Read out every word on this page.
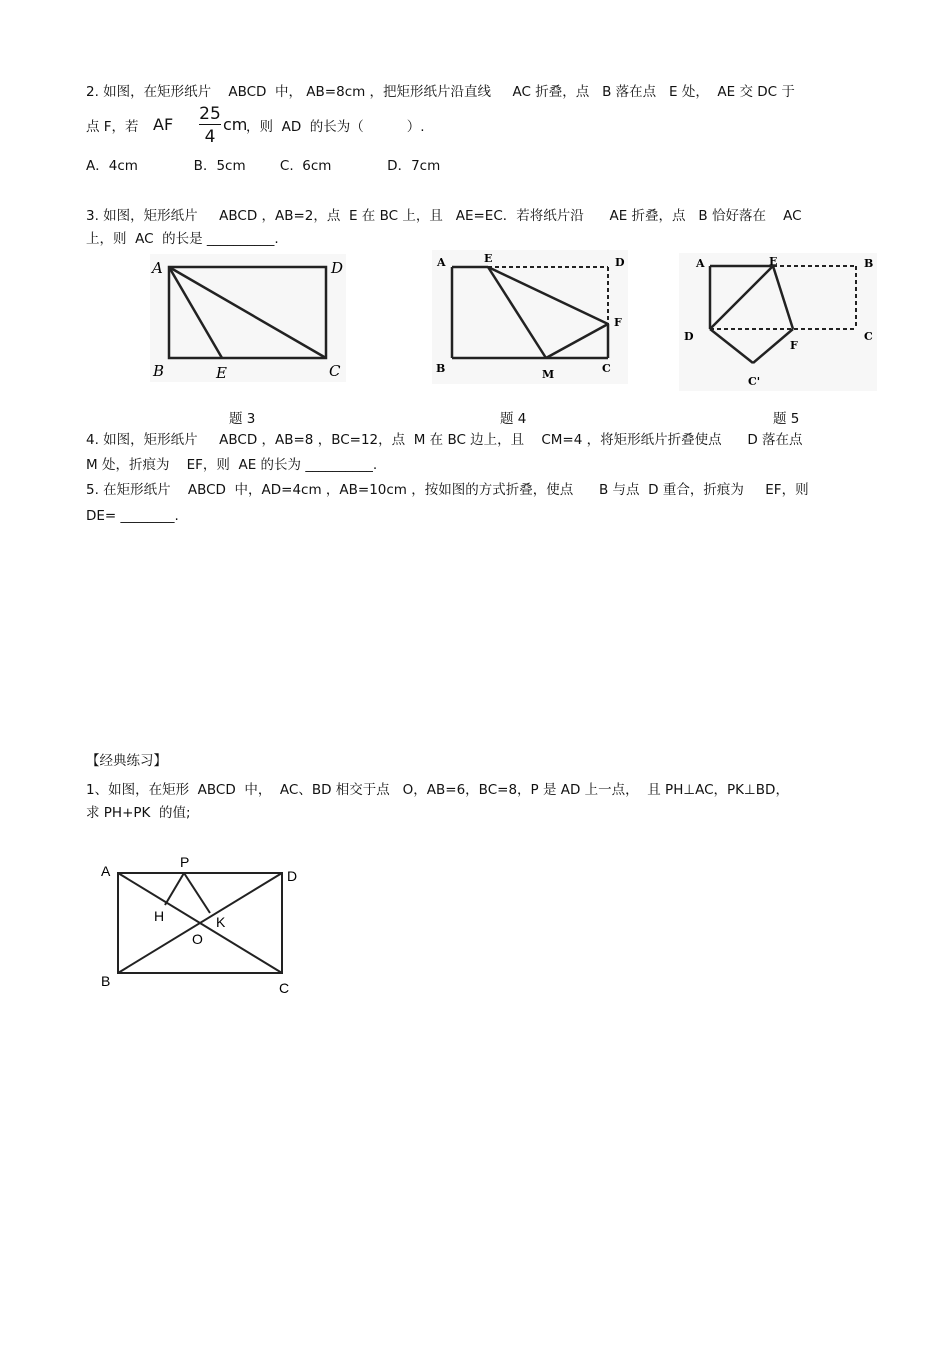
2. 如图，在矩形纸片    ABCD  中， AB=8cm ，把矩形纸片沿直线     AC 折叠，点   B 落在点   E 处，  AE 交 DC 于
点 F，若 AF
25
4
cm
，则  AD  的长为（          ）.
A．4cm             B．5cm        C.  6cm             D．7cm
3. 如图，矩形纸片     ABCD ，AB=2，点  E 在 BC 上，且   AE=EC．若将纸片沿      AE 折叠，点   B 恰好落在    AC
上，则  AC  的长是 __________.
A	D
B	E	C
A	E	D
F
B	M	C
A	E	B
D
F
C
C'
题 3	题 4	题 5
4. 如图，矩形纸片     ABCD ，AB=8 ，BC=12，点  M 在 BC 边上，且    CM=4 ，将矩形纸片折叠使点      D 落在点
M 处，折痕为    EF，则  AE 的长为 __________.
5. 在矩形纸片    ABCD  中，AD=4cm ，AB=10cm ，按如图的方式折叠，使点      B 与点  D 重合，折痕为     EF，则
DE= ________.
【经典练习】
1、如图，在矩形  ABCD  中，  AC、BD 相交于点   O，AB=6，BC=8，P 是 AD 上一点，  且 PH⊥AC，PK⊥BD，
求 PH+PK  的值;
A
P
D
H	K
O
B	C
